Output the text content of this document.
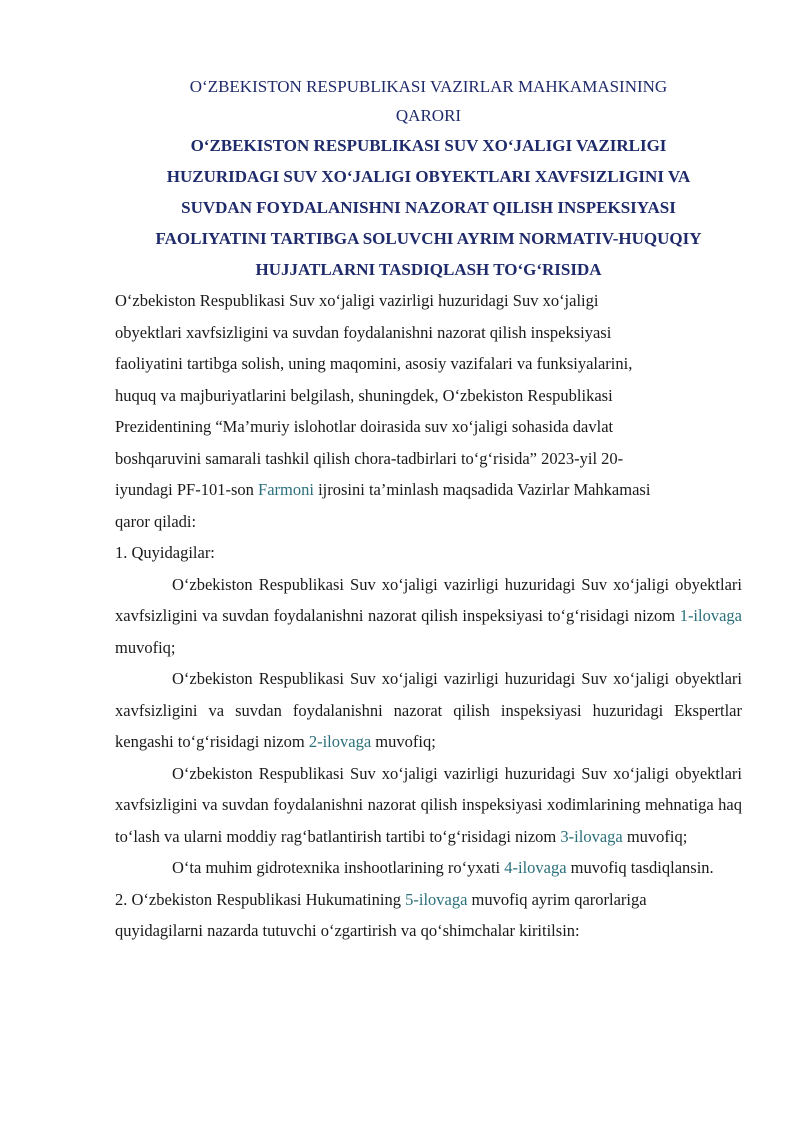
O‘ZBEKISTON RESPUBLIKASI VAZIRLAR MAHKAMASINING
QARORI

O‘ZBEKISTON RESPUBLIKASI SUV XO‘JALIGI VAZIRLIGI
HUZURIDAGI SUV XO‘JALIGI OBYEKTLARI XAVFSIZLIGINI VA
SUVDAN FOYDALANISHNI NAZORAT QILISH INSPEKSIYASI
FAOLIYATINI TARTIBGA SOLUVCHI AYRIM NORMATIV-HUQUQIY
HUJJATLARNI TASDIQLASH TO‘G‘RISIDA

O‘zbekiston Respublikasi Suv xo‘jaligi vazirligi huzuridagi Suv xo‘jaligi
obyektlari xavfsizligini va suvdan foydalanishni nazorat qilish inspeksiyasi
faoliyatini tartibga solish, uning maqomini, asosiy vazifalari va funksiyalarini,
huquq va majburiyatlarini belgilash, shuningdek, O‘zbekiston Respublikasi
Prezidentining “Ma’muriy islohotlar doirasida suv xo‘jaligi sohasida davlat
boshqaruvini samarali tashkil qilish chora-tadbirlari to‘g‘risida” 2023-yil 20-
iyundagi PF-101-son Farmoni ijrosini ta’minlash maqsadida Vazirlar Mahkamasi
qaror qiladi:

1. Quyidagilar:

O‘zbekiston Respublikasi Suv xo‘jaligi vazirligi huzuridagi Suv xo‘jaligi obyektlari xavfsizligini va suvdan foydalanishni nazorat qilish inspeksiyasi to‘g‘risidagi nizom 1-ilovaga muvofiq;

O‘zbekiston Respublikasi Suv xo‘jaligi vazirligi huzuridagi Suv xo‘jaligi obyektlari xavfsizligini va suvdan foydalanishni nazorat qilish inspeksiyasi huzuridagi Ekspertlar kengashi to‘g‘risidagi nizom 2-ilovaga muvofiq;

O‘zbekiston Respublikasi Suv xo‘jaligi vazirligi huzuridagi Suv xo‘jaligi obyektlari xavfsizligini va suvdan foydalanishni nazorat qilish inspeksiyasi xodimlarining mehnatiga haq to‘lash va ularni moddiy rag‘batlantirish tartibi to‘g‘risidagi nizom 3-ilovaga muvofiq;

O‘ta muhim gidrotexnika inshootlarining ro‘yxati 4-ilovaga muvofiq tasdiqlansin.

2. O‘zbekiston Respublikasi Hukumatining 5-ilovaga muvofiq ayrim qarorlariga
quyidagilarni nazarda tutuvchi o‘zgartirish va qo‘shimchalar kiritilsin:
